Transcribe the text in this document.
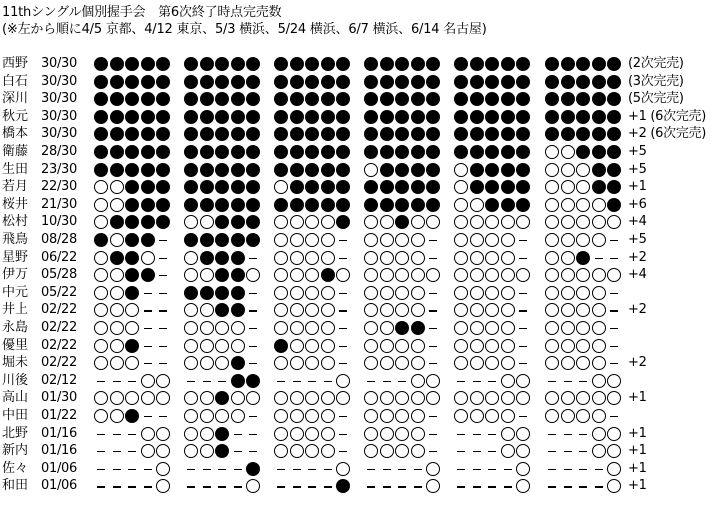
11thシングル個別握手会　第6次終了時点完売数
(※左から順に4/5 京都、4/12 東京、5/3 横浜、5/24 横浜、6/7 横浜、6/14 名古屋)
西野 30/30	(2次完売)
白石 30/30	(3次完売)
深川 30/30	(5次完売)
秋元 30/30	+1 (6次完売)
橋本 30/30	+2 (6次完売)
衛藤 28/30	+5
生田 23/30	+5
若月 22/30	+1
桜井 21/30	+6
松村 10/30	+4
飛鳥 08/28	+5
星野 06/22	+2
伊万 05/28	+4
中元 05/22
井上 02/22	+2
永島 02/22
優里 02/22
堀未 02/22	+2
川後 02/12
高山 01/30	+1
中田 01/22
北野 01/16	+1
新内 01/16	+1
佐々 01/06	+1
和田 01/06	+1
